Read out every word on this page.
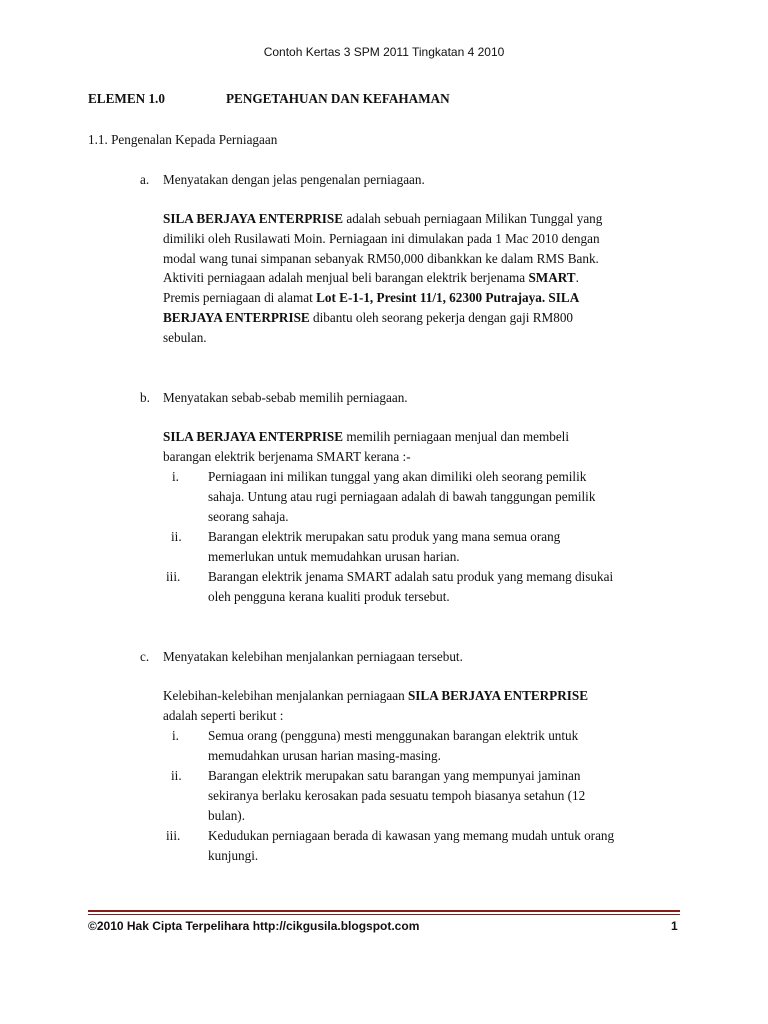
Contoh Kertas 3 SPM 2011 Tingkatan 4 2010
ELEMEN 1.0	PENGETAHUAN DAN KEFAHAMAN
1.1. Pengenalan Kepada Perniagaan
a. Menyatakan dengan jelas pengenalan perniagaan.
SILA BERJAYA ENTERPRISE adalah sebuah perniagaan Milikan Tunggal yang
dimiliki oleh Rusilawati Moin. Perniagaan ini dimulakan pada 1 Mac 2010 dengan
modal wang tunai simpanan sebanyak RM50,000 dibankkan ke dalam RMS Bank.
Aktiviti perniagaan adalah menjual beli barangan elektrik berjenama SMART.
Premis perniagaan di alamat Lot E-1-1, Presint 11/1, 62300 Putrajaya. SILA
BERJAYA ENTERPRISE dibantu oleh seorang pekerja dengan gaji RM800
sebulan.
b. Menyatakan sebab-sebab memilih perniagaan.
SILA BERJAYA ENTERPRISE memilih perniagaan menjual dan membeli
barangan elektrik berjenama SMART kerana :-
i. Perniagaan ini milikan tunggal yang akan dimiliki oleh seorang pemilik
sahaja. Untung atau rugi perniagaan adalah di bawah tanggungan pemilik
seorang sahaja.
ii. Barangan elektrik merupakan satu produk yang mana semua orang
memerlukan untuk memudahkan urusan harian.
iii. Barangan elektrik jenama SMART adalah satu produk yang memang disukai
oleh pengguna kerana kualiti produk tersebut.
c. Menyatakan kelebihan menjalankan perniagaan tersebut.
Kelebihan-kelebihan menjalankan perniagaan SILA BERJAYA ENTERPRISE
adalah seperti berikut :
i. Semua orang (pengguna) mesti menggunakan barangan elektrik untuk
memudahkan urusan harian masing-masing.
ii. Barangan elektrik merupakan satu barangan yang mempunyai jaminan
sekiranya berlaku kerosakan pada sesuatu tempoh biasanya setahun (12
bulan).
iii. Kedudukan perniagaan berada di kawasan yang memang mudah untuk orang
kunjungi.
©2010 Hak Cipta Terpelihara http://cikgusila.blogspot.com	1
